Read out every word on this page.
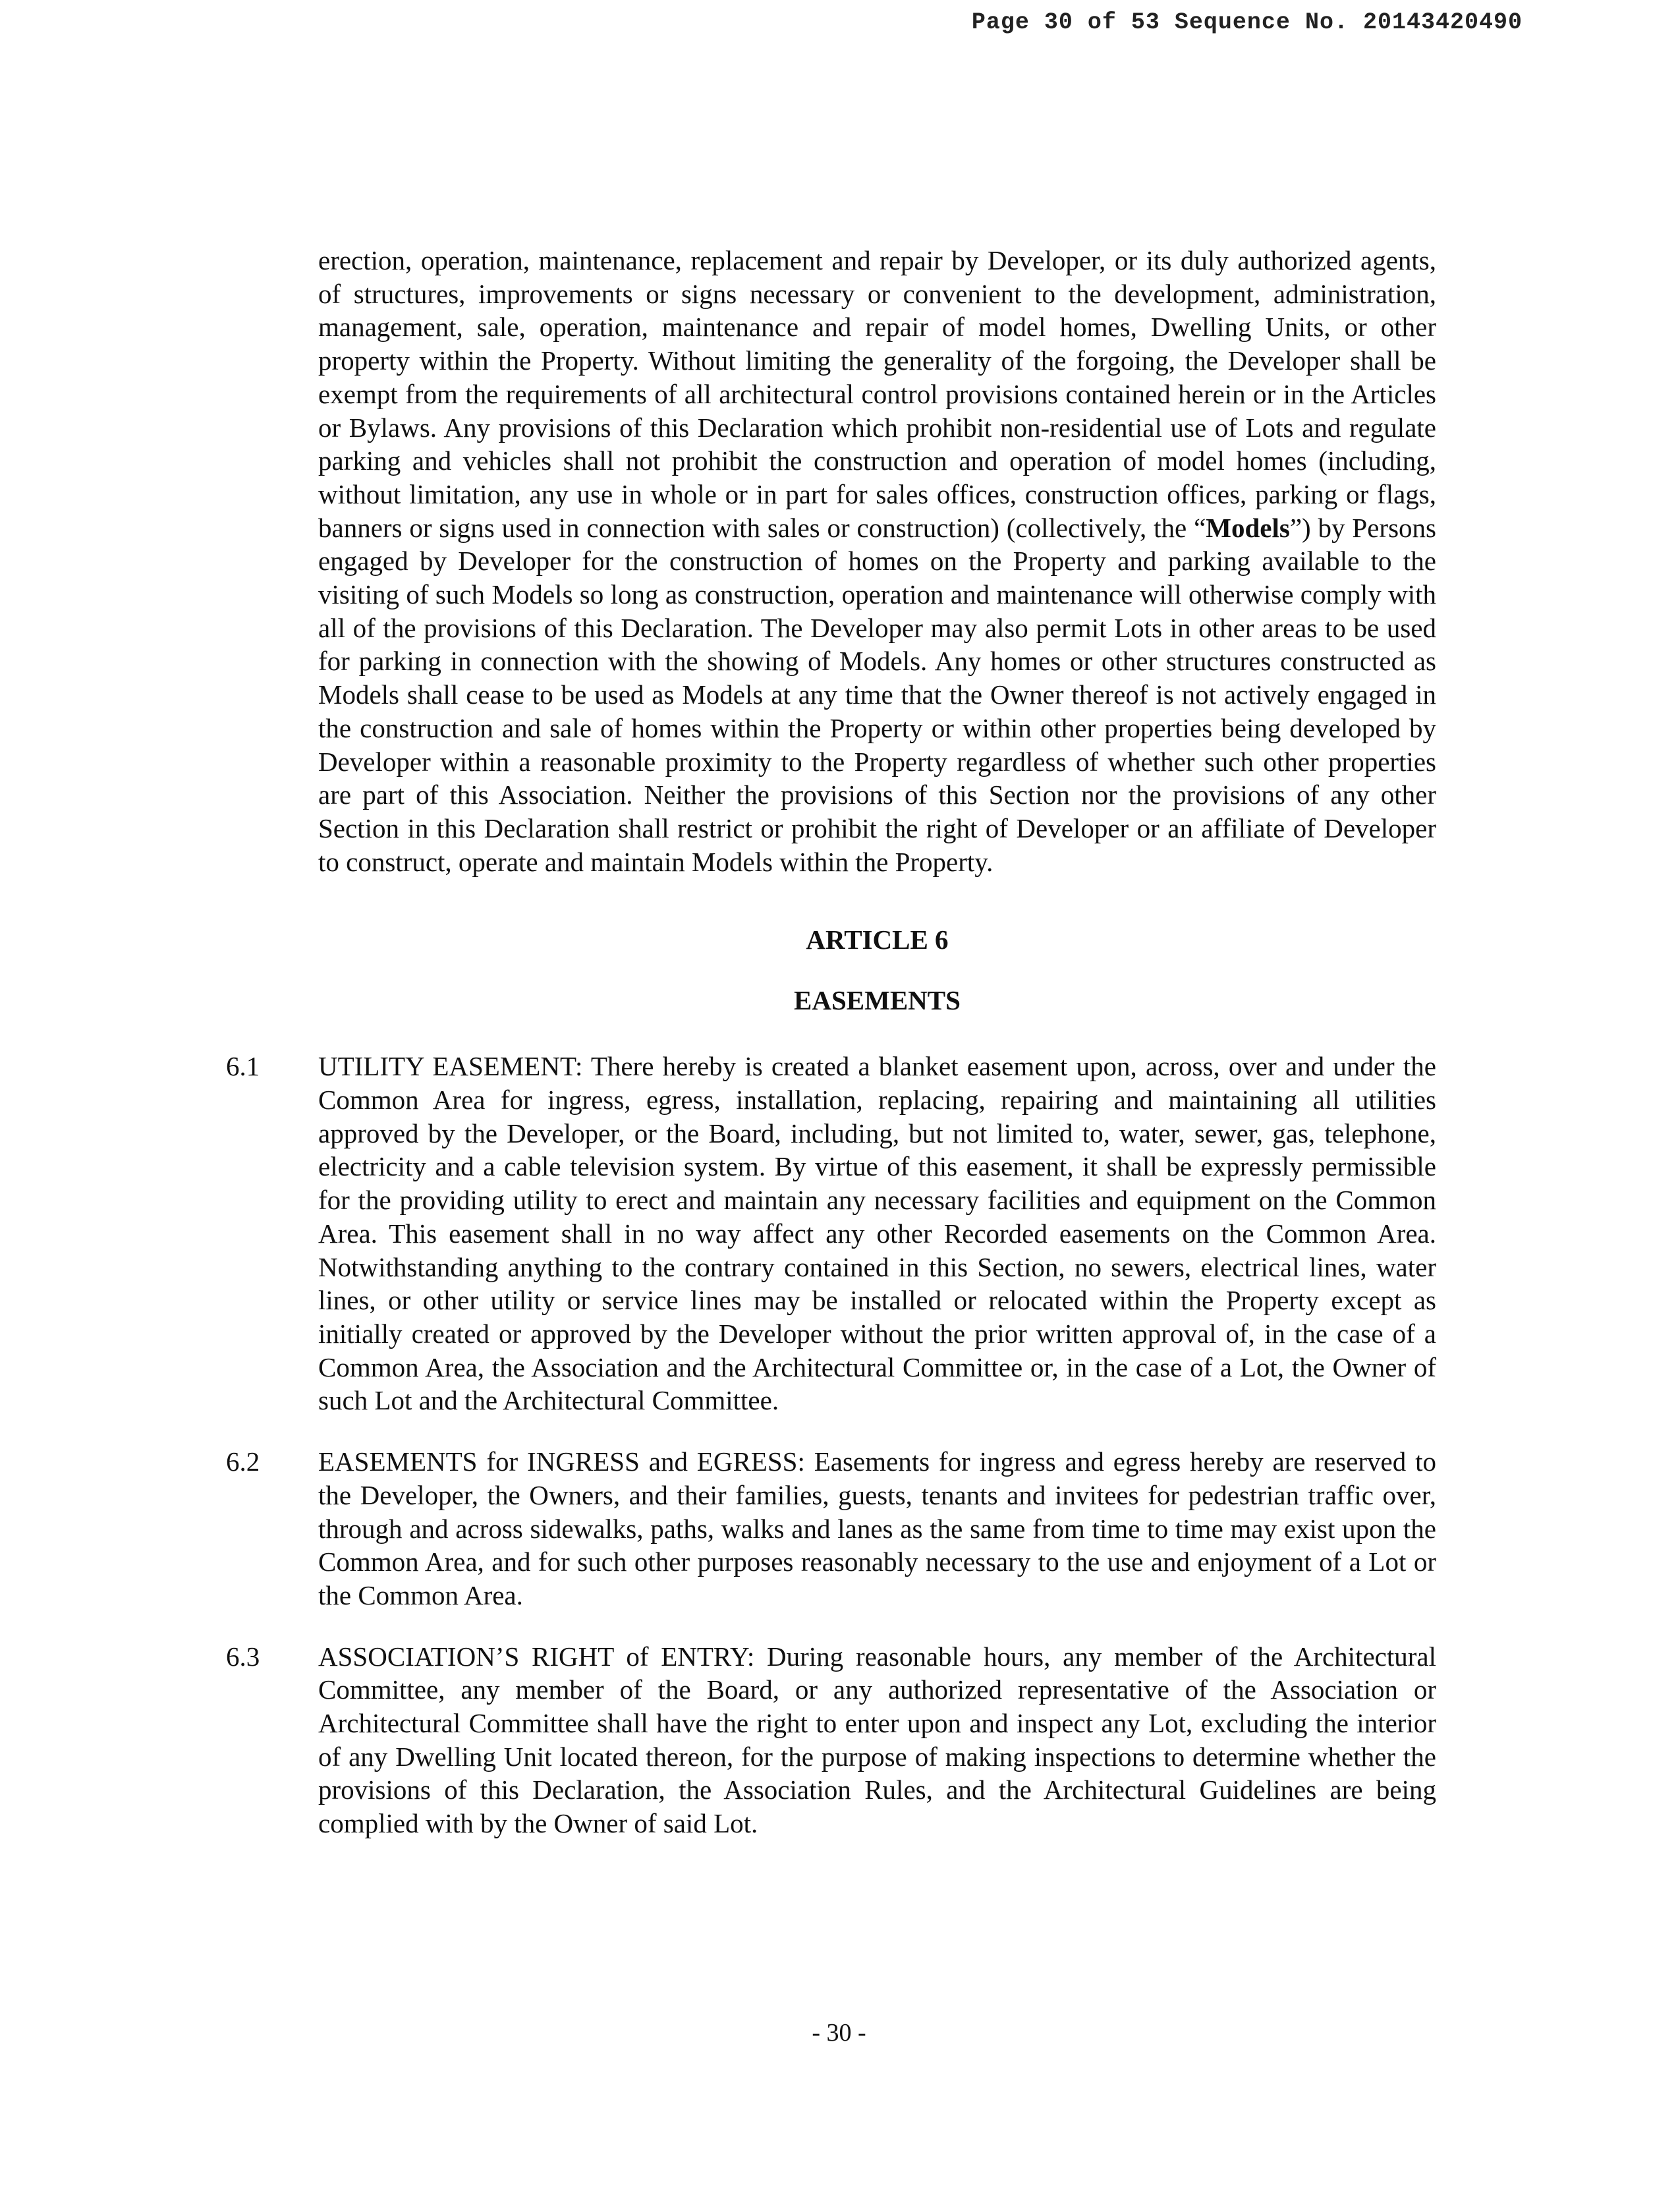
Page 30 of 53 Sequence No. 20143420490

erection, operation, maintenance, replacement and repair by Developer, or its duly authorized agents, of structures, improvements or signs necessary or convenient to the development, administration, management, sale, operation, maintenance and repair of model homes, Dwelling Units, or other property within the Property. Without limiting the generality of the forgoing, the Developer shall be exempt from the requirements of all architectural control provisions contained herein or in the Articles or Bylaws. Any provisions of this Declaration which prohibit non-residential use of Lots and regulate parking and vehicles shall not prohibit the construction and operation of model homes (including, without limitation, any use in whole or in part for sales offices, construction offices, parking or flags, banners or signs used in connection with sales or construction) (collectively, the “Models”) by Persons engaged by Developer for the construction of homes on the Property and parking available to the visiting of such Models so long as construction, operation and maintenance will otherwise comply with all of the provisions of this Declaration. The Developer may also permit Lots in other areas to be used for parking in connection with the showing of Models. Any homes or other structures constructed as Models shall cease to be used as Models at any time that the Owner thereof is not actively engaged in the construction and sale of homes within the Property or within other properties being developed by Developer within a reasonable proximity to the Property regardless of whether such other properties are part of this Association. Neither the provisions of this Section nor the provisions of any other Section in this Declaration shall restrict or prohibit the right of Developer or an affiliate of Developer to construct, operate and maintain Models within the Property.

ARTICLE 6

EASEMENTS

6.1 UTILITY EASEMENT: There hereby is created a blanket easement upon, across, over and under the Common Area for ingress, egress, installation, replacing, repairing and maintaining all utilities approved by the Developer, or the Board, including, but not limited to, water, sewer, gas, telephone, electricity and a cable television system. By virtue of this easement, it shall be expressly permissible for the providing utility to erect and maintain any necessary facilities and equipment on the Common Area. This easement shall in no way affect any other Recorded easements on the Common Area. Notwithstanding anything to the contrary contained in this Section, no sewers, electrical lines, water lines, or other utility or service lines may be installed or relocated within the Property except as initially created or approved by the Developer without the prior written approval of, in the case of a Common Area, the Association and the Architectural Committee or, in the case of a Lot, the Owner of such Lot and the Architectural Committee.

6.2 EASEMENTS for INGRESS and EGRESS: Easements for ingress and egress hereby are reserved to the Developer, the Owners, and their families, guests, tenants and invitees for pedestrian traffic over, through and across sidewalks, paths, walks and lanes as the same from time to time may exist upon the Common Area, and for such other purposes reasonably necessary to the use and enjoyment of a Lot or the Common Area.

6.3 ASSOCIATION’S RIGHT of ENTRY: During reasonable hours, any member of the Architectural Committee, any member of the Board, or any authorized representative of the Association or Architectural Committee shall have the right to enter upon and inspect any Lot, excluding the interior of any Dwelling Unit located thereon, for the purpose of making inspections to determine whether the provisions of this Declaration, the Association Rules, and the Architectural Guidelines are being complied with by the Owner of said Lot.

- 30 -
